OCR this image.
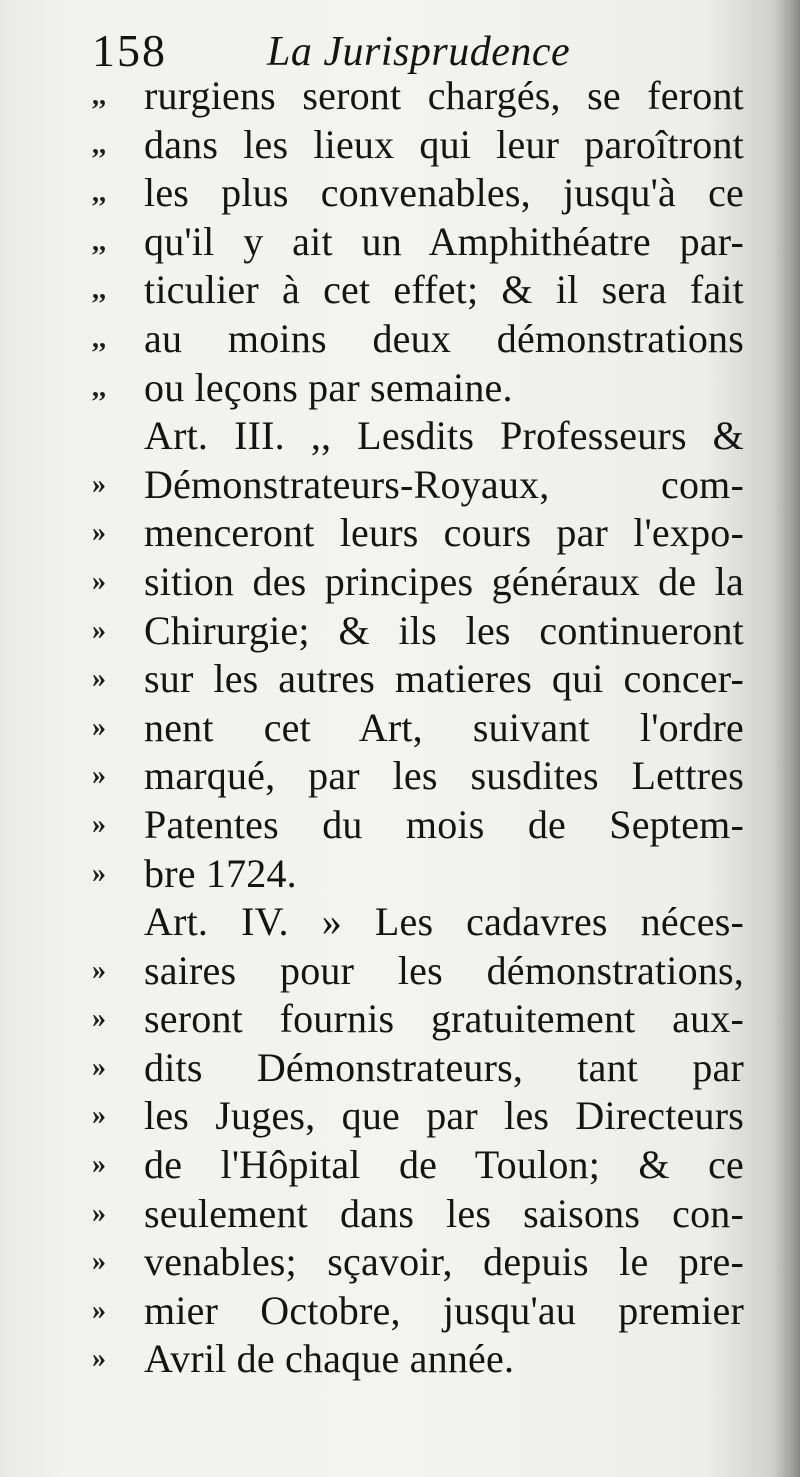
158 La Jurisprudence
,, rurgiens seront chargés, se feront
,, dans les lieux qui leur paroîtront
,, les plus convenables, jusqu'à ce
,, qu'il y ait un Amphithéatre par-
,, ticulier à cet effet; & il sera fait
,, au moins deux démonstrations
,, ou leçons par semaine.
Art. III. ,, Lesdits Professeurs &
» Démonstrateurs-Royaux, com-
» menceront leurs cours par l'expo-
» sition des principes généraux de la
» Chirurgie; & ils les continueront
» sur les autres matieres qui concer-
» nent cet Art, suivant l'ordre
» marqué, par les susdites Lettres
» Patentes du mois de Septem-
» bre 1724.
Art. IV. » Les cadavres néces-
» saires pour les démonstrations,
» seront fournis gratuitement aux-
» dits Démonstrateurs, tant par
» les Juges, que par les Directeurs
» de l'Hôpital de Toulon; & ce
» seulement dans les saisons con-
» venables; sçavoir, depuis le pre-
» mier Octobre, jusqu'au premier
» Avril de chaque année.
